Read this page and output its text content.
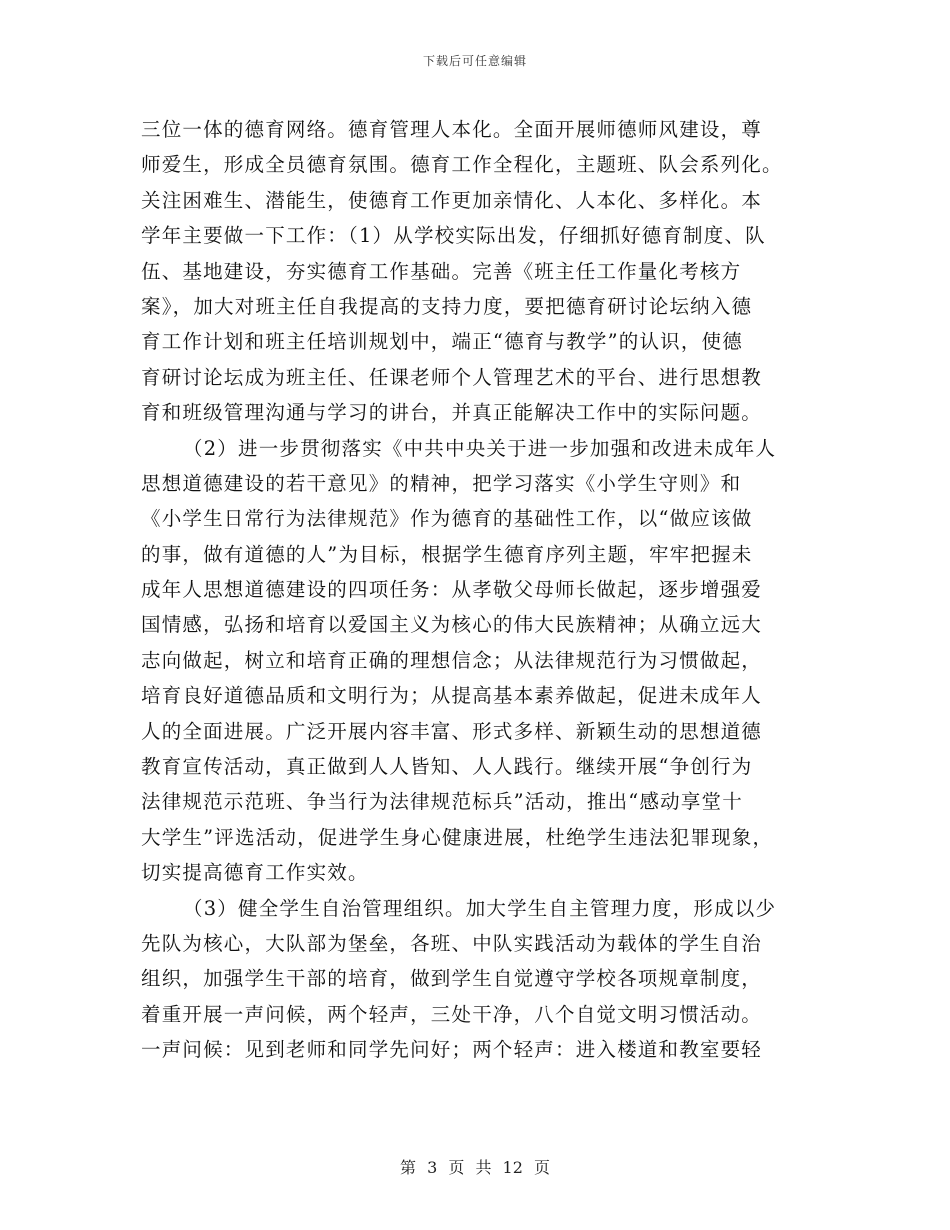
下载后可任意编辑
三位一体的德育网络。德育管理人本化。全面开展师德师风建设，尊
师爱生，形成全员德育氛围。德育工作全程化，主题班、队会系列化。
关注困难生、潜能生，使德育工作更加亲情化、人本化、多样化。本
学年主要做一下工作：（1）从学校实际出发，仔细抓好德育制度、队
伍、基地建设，夯实德育工作基础。完善《班主任工作量化考核方
案》，加大对班主任自我提高的支持力度，要把德育研讨论坛纳入德
育工作计划和班主任培训规划中，端正“德育与教学”的认识，使德
育研讨论坛成为班主任、任课老师个人管理艺术的平台、进行思想教
育和班级管理沟通与学习的讲台，并真正能解决工作中的实际问题。
（2）进一步贯彻落实《中共中央关于进一步加强和改进未成年人
思想道德建设的若干意见》的精神，把学习落实《小学生守则》和
《小学生日常行为法律规范》作为德育的基础性工作，以“做应该做
的事，做有道德的人”为目标，根据学生德育序列主题，牢牢把握未
成年人思想道德建设的四项任务：从孝敬父母师长做起，逐步增强爱
国情感，弘扬和培育以爱国主义为核心的伟大民族精神；从确立远大
志向做起，树立和培育正确的理想信念；从法律规范行为习惯做起，
培育良好道德品质和文明行为；从提高基本素养做起，促进未成年人
人的全面进展。广泛开展内容丰富、形式多样、新颖生动的思想道德
教育宣传活动，真正做到人人皆知、人人践行。继续开展“争创行为
法律规范示范班、争当行为法律规范标兵”活动，推出“感动享堂十
大学生”评选活动，促进学生身心健康进展，杜绝学生违法犯罪现象，
切实提高德育工作实效。
（3）健全学生自治管理组织。加大学生自主管理力度，形成以少
先队为核心，大队部为堡垒，各班、中队实践活动为载体的学生自治
组织，加强学生干部的培育，做到学生自觉遵守学校各项规章制度，
着重开展一声问候，两个轻声，三处干净，八个自觉文明习惯活动。
一声问候：见到老师和同学先问好；两个轻声：进入楼道和教室要轻
第 3 页 共 12 页
